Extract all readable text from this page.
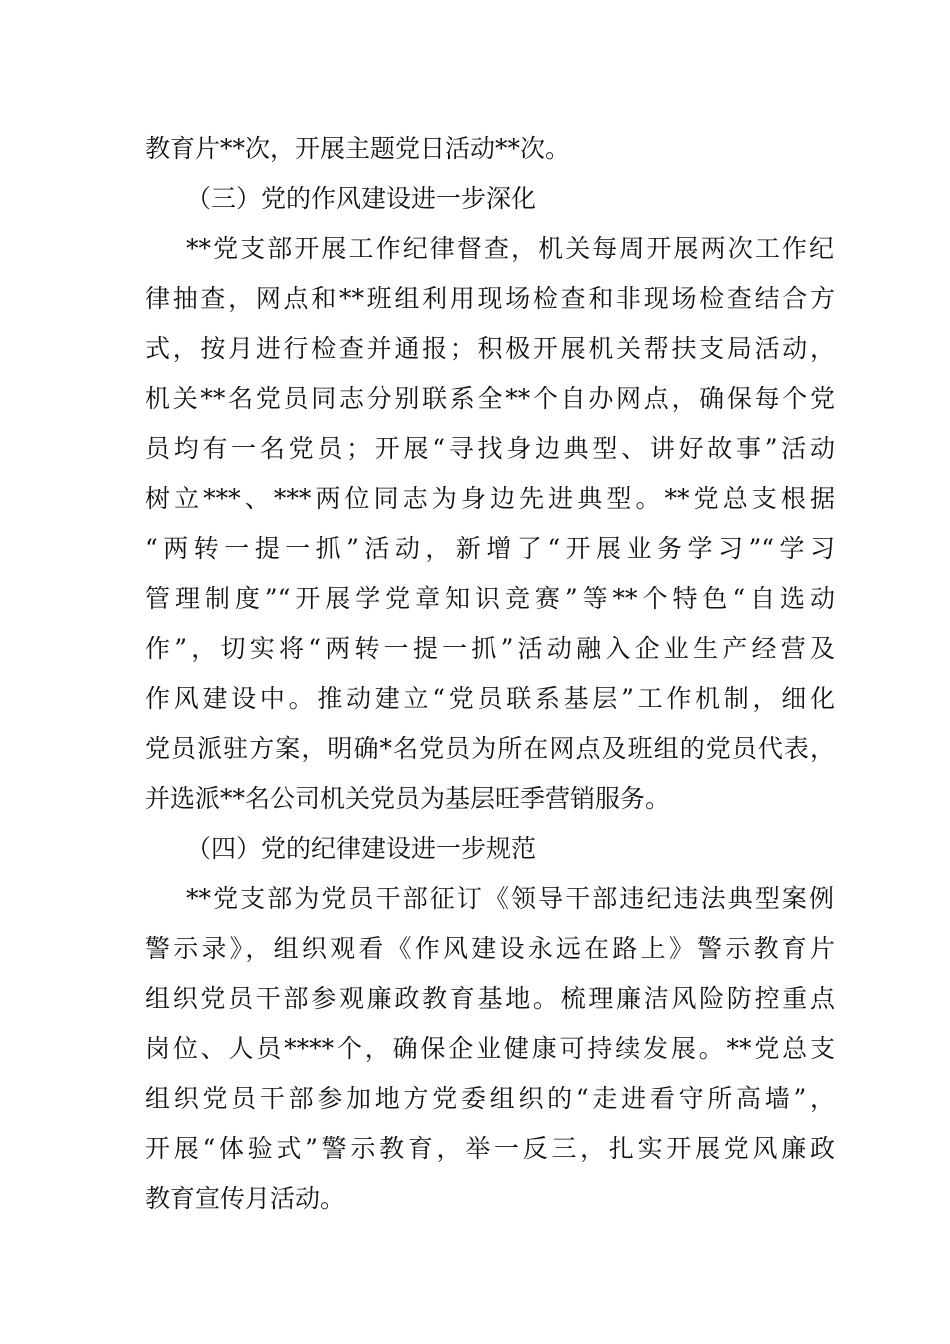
教育片**次，开展主题党日活动**次。
（三）党的作风建设进一步深化
**党支部开展工作纪律督查，机关每周开展两次工作纪
律抽查，网点和**班组利用现场检查和非现场检查结合方
式，按月进行检查并通报；积极开展机关帮扶支局活动，
机关**名党员同志分别联系全**个自办网点，确保每个党
员均有一名党员；开展“寻找身边典型、讲好故事”活动
树立***、***两位同志为身边先进典型。**党总支根据
“两转一提一抓”活动，新增了“开展业务学习”“学习
管理制度”“开展学党章知识竞赛”等**个特色“自选动
作”，切实将“两转一提一抓”活动融入企业生产经营及
作风建设中。推动建立“党员联系基层”工作机制，细化
党员派驻方案，明确*名党员为所在网点及班组的党员代表，
并选派**名公司机关党员为基层旺季营销服务。
（四）党的纪律建设进一步规范
**党支部为党员干部征订《领导干部违纪违法典型案例
警示录》，组织观看《作风建设永远在路上》警示教育片
组织党员干部参观廉政教育基地。梳理廉洁风险防控重点
岗位、人员****个，确保企业健康可持续发展。**党总支
组织党员干部参加地方党委组织的“走进看守所高墙”，
开展“体验式”警示教育，举一反三，扎实开展党风廉政
教育宣传月活动。
